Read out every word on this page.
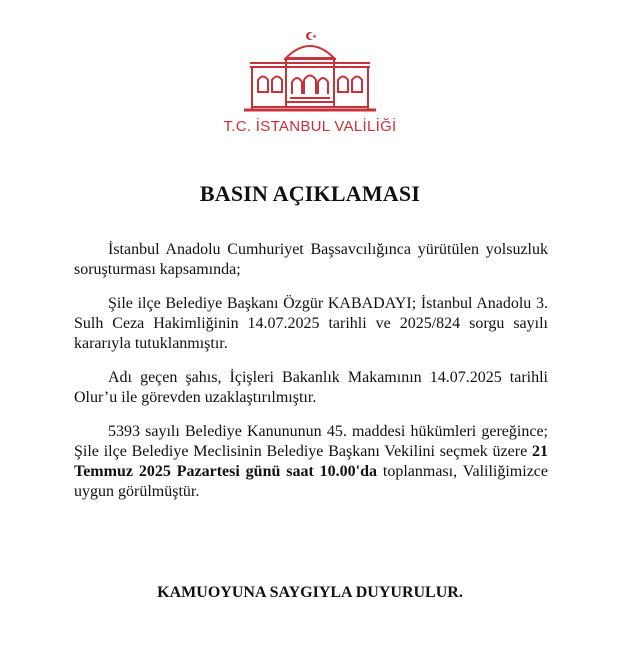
T.C. İSTANBUL VALİLİĞİ
BASIN AÇIKLAMASI

İstanbul Anadolu Cumhuriyet Başsavcılığınca yürütülen yolsuzluk soruşturması kapsamında;

Şile ilçe Belediye Başkanı Özgür KABADAYI; İstanbul Anadolu 3. Sulh Ceza Hakimliğinin 14.07.2025 tarihli ve 2025/824 sorgu sayılı kararıyla tutuklanmıştır.

Adı geçen şahıs, İçişleri Bakanlık Makamının 14.07.2025 tarihli Olur’u ile görevden uzaklaştırılmıştır.

5393 sayılı Belediye Kanununun 45. maddesi hükümleri gereğince; Şile ilçe Belediye Meclisinin Belediye Başkanı Vekilini seçmek üzere 21 Temmuz 2025 Pazartesi günü saat 10.00'da toplanması, Valiliğimizce uygun görülmüştür.

KAMUOYUNA SAYGIYLA DUYURULUR.
